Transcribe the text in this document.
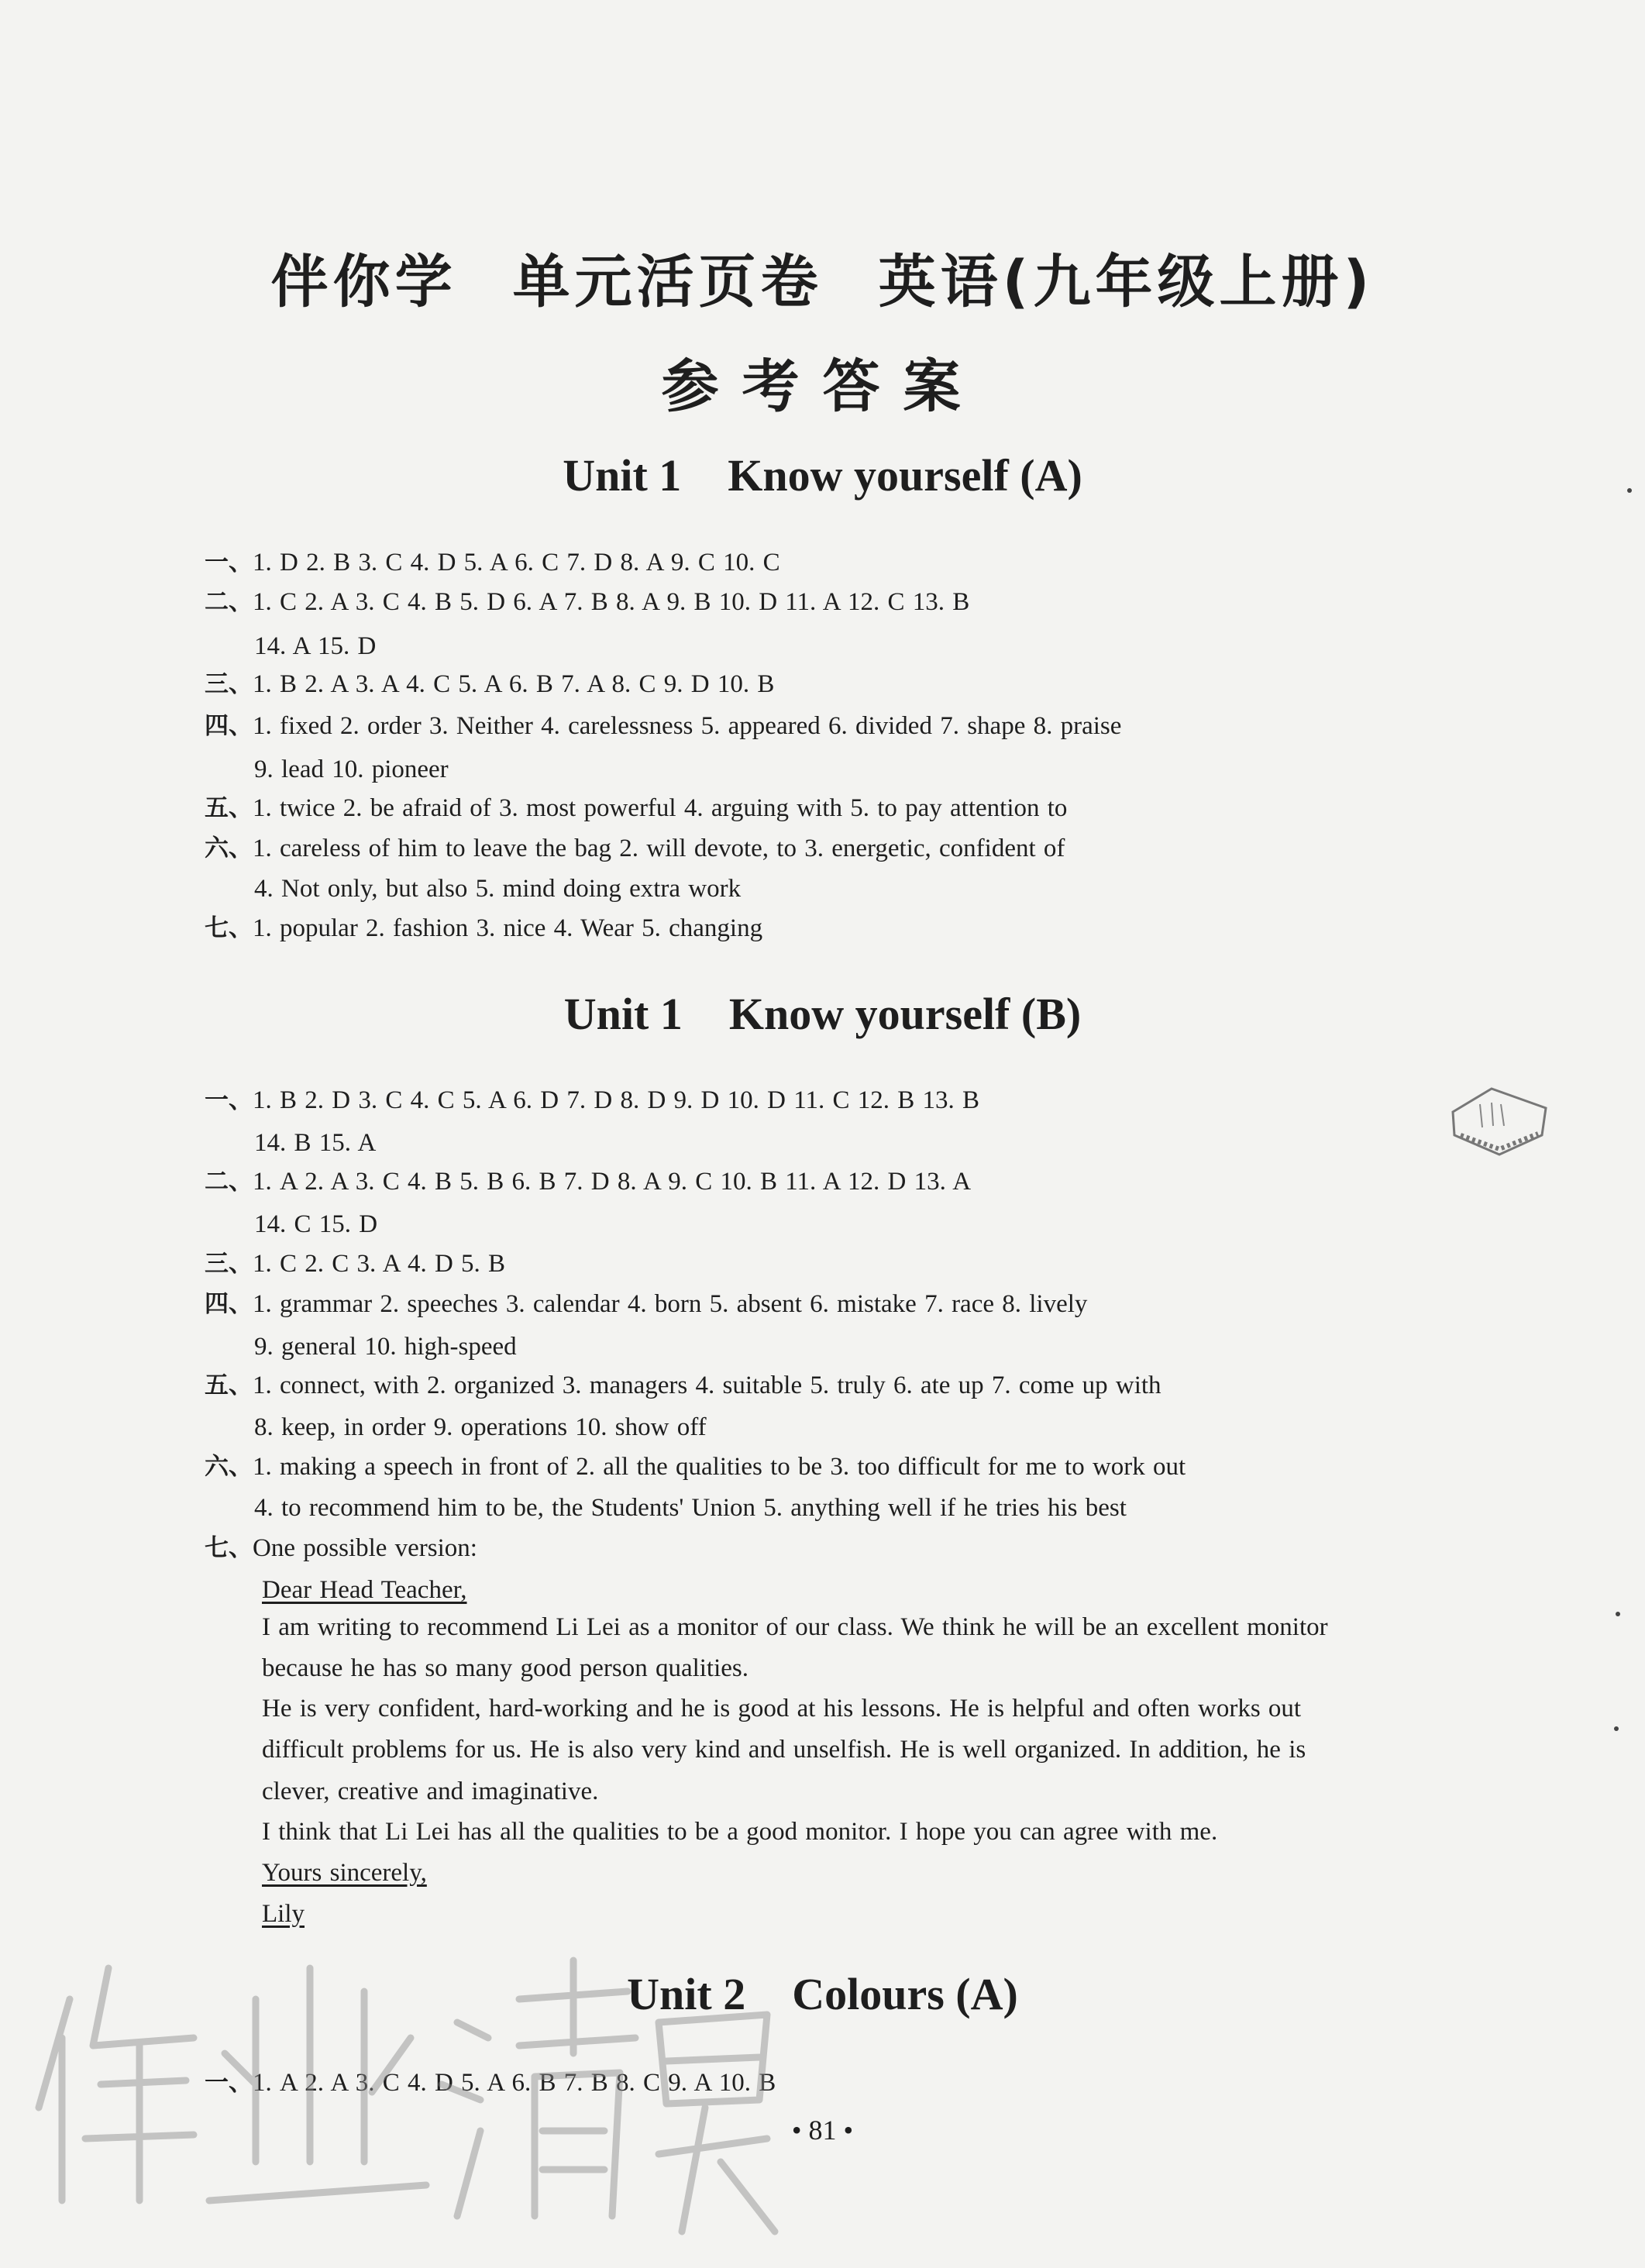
伴你学 单元活页卷 英语(九年级上册)
参考答案
Unit 1 Know yourself (A)
一、1. D 2. B 3. C 4. D 5. A 6. C 7. D 8. A 9. C 10. C
二、1. C 2. A 3. C 4. B 5. D 6. A 7. B 8. A 9. B 10. D 11. A 12. C 13. B
14. A 15. D
三、1. B 2. A 3. A 4. C 5. A 6. B 7. A 8. C 9. D 10. B
四、1. fixed 2. order 3. Neither 4. carelessness 5. appeared 6. divided 7. shape 8. praise
9. lead 10. pioneer
五、1. twice 2. be afraid of 3. most powerful 4. arguing with 5. to pay attention to
六、1. careless of him to leave the bag 2. will devote, to 3. energetic, confident of
4. Not only, but also 5. mind doing extra work
七、1. popular 2. fashion 3. nice 4. Wear 5. changing
Unit 1 Know yourself (B)
一、1. B 2. D 3. C 4. C 5. A 6. D 7. D 8. D 9. D 10. D 11. C 12. B 13. B
14. B 15. A
二、1. A 2. A 3. C 4. B 5. B 6. B 7. D 8. A 9. C 10. B 11. A 12. D 13. A
14. C 15. D
三、1. C 2. C 3. A 4. D 5. B
四、1. grammar 2. speeches 3. calendar 4. born 5. absent 6. mistake 7. race 8. lively
9. general 10. high-speed
五、1. connect, with 2. organized 3. managers 4. suitable 5. truly 6. ate up 7. come up with
8. keep, in order 9. operations 10. show off
六、1. making a speech in front of 2. all the qualities to be 3. too difficult for me to work out
4. to recommend him to be, the Students' Union 5. anything well if he tries his best
七、One possible version:
Dear Head Teacher,
I am writing to recommend Li Lei as a monitor of our class. We think he will be an excellent monitor
because he has so many good person qualities.
He is very confident, hard-working and he is good at his lessons. He is helpful and often works out
difficult problems for us. He is also very kind and unselfish. He is well organized. In addition, he is
clever, creative and imaginative.
I think that Li Lei has all the qualities to be a good monitor. I hope you can agree with me.
Yours sincerely,
Lily
Unit 2 Colours (A)
一、1. A 2. A 3. C 4. D 5. A 6. B 7. B 8. C 9. A 10. B
• 81 •
